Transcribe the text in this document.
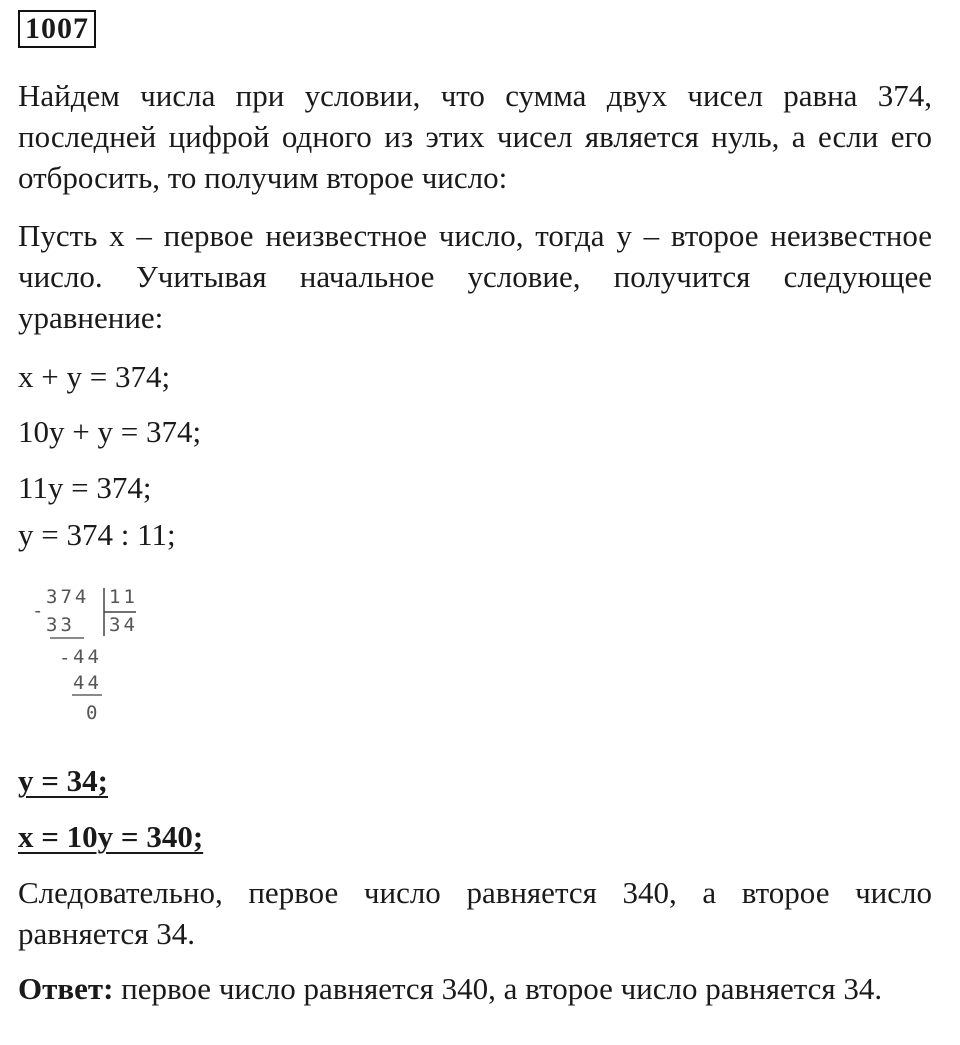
1007

Найдем числа при условии, что сумма двух чисел равна 374, последней цифрой одного из этих чисел является нуль, а если его отбросить, то получим второе число:

Пусть x – первое неизвестное число, тогда y – второе неизвестное число. Учитывая начальное условие, получится следующее уравнение:

x + y = 374;

10y + y = 374;

11y = 374;

y = 374 : 11;

374 11
-
33 34
- 44
44
0

y = 34;

x = 10y = 340;

Следовательно, первое число равняется 340, а второе число равняется 34.

Ответ: первое число равняется 340, а второе число равняется 34.
